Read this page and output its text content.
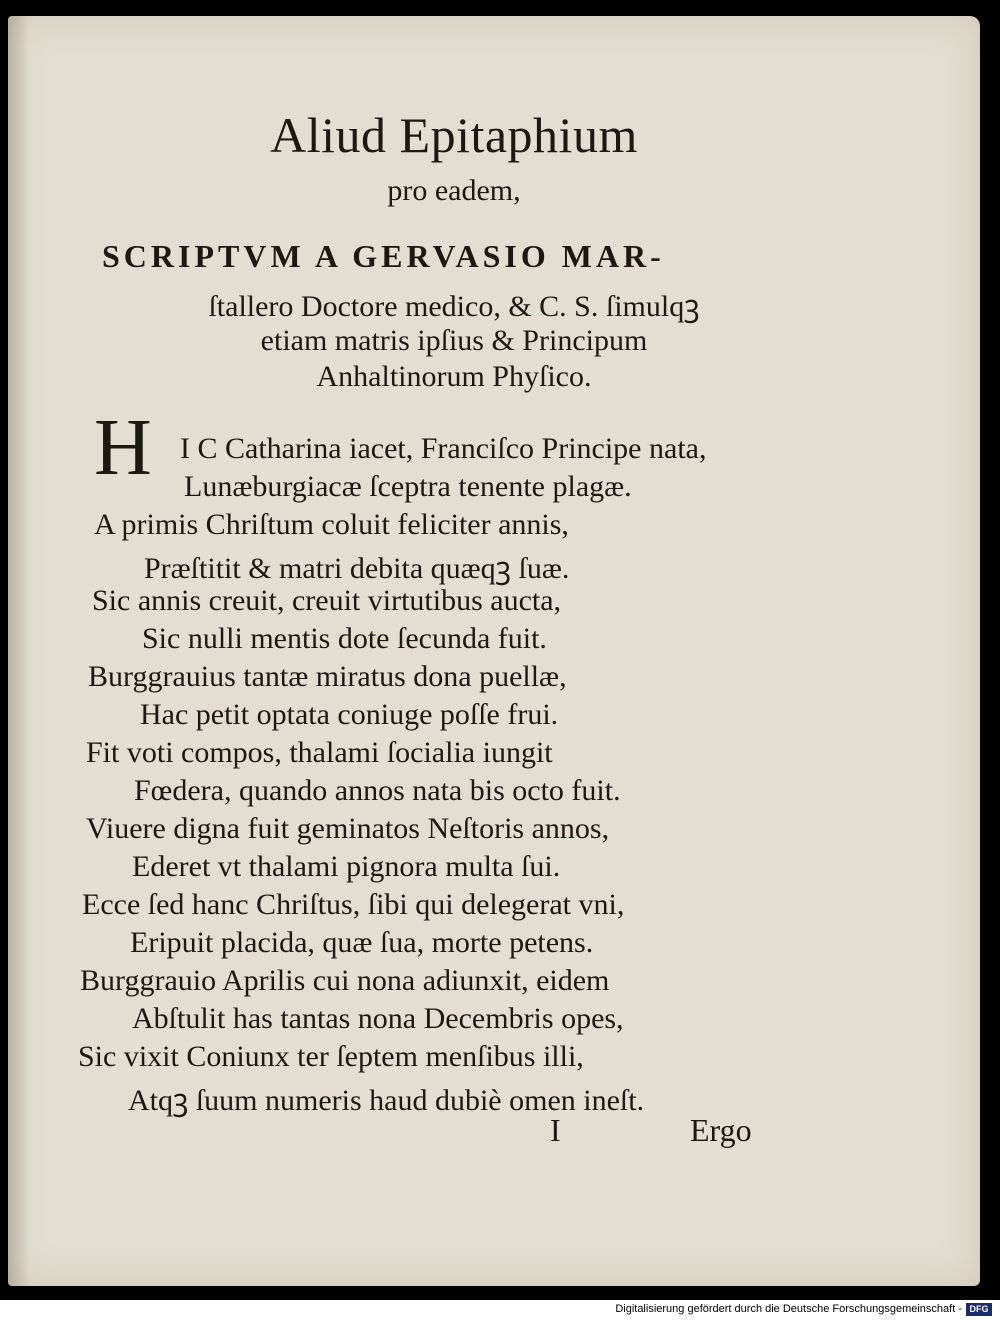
Aliud Epitaphium
pro eadem,
SCRIPTVM A GERVASIO MAR-
ſtallero Doctore medico, & C. S. ſimulqꝫ
etiam matris ipſius & Principum
Anhaltinorum Phyſico.
H I C Catharina iacet, Franciſco Principe nata,
Lunæburgiacæ ſceptra tenente plagæ.
A primis Chriſtum coluit feliciter annis,
Præſtitit & matri debita quæqꝫ ſuæ.
Sic annis creuit, creuit virtutibus aucta,
Sic nulli mentis dote ſecunda fuit.
Burggrauius tantæ miratus dona puellæ,
Hac petit optata coniuge poſſe frui.
Fit voti compos, thalami ſocialia iungit
Fœdera, quando annos nata bis octo fuit.
Viuere digna fuit geminatos Neſtoris annos,
Ederet vt thalami pignora multa ſui.
Ecce ſed hanc Chriſtus, ſibi qui delegerat vni,
Eripuit placida, quæ ſua, morte petens.
Burggrauio Aprilis cui nona adiunxit, eidem
Abſtulit has tantas nona Decembris opes,
Sic vixit Coniunx ter ſeptem menſibus illi,
Atqꝫ ſuum numeris haud dubiè omen ineſt.
I	Ergo
Digitalisierung gefördert durch die Deutsche Forschungsgemeinschaft - DFG
